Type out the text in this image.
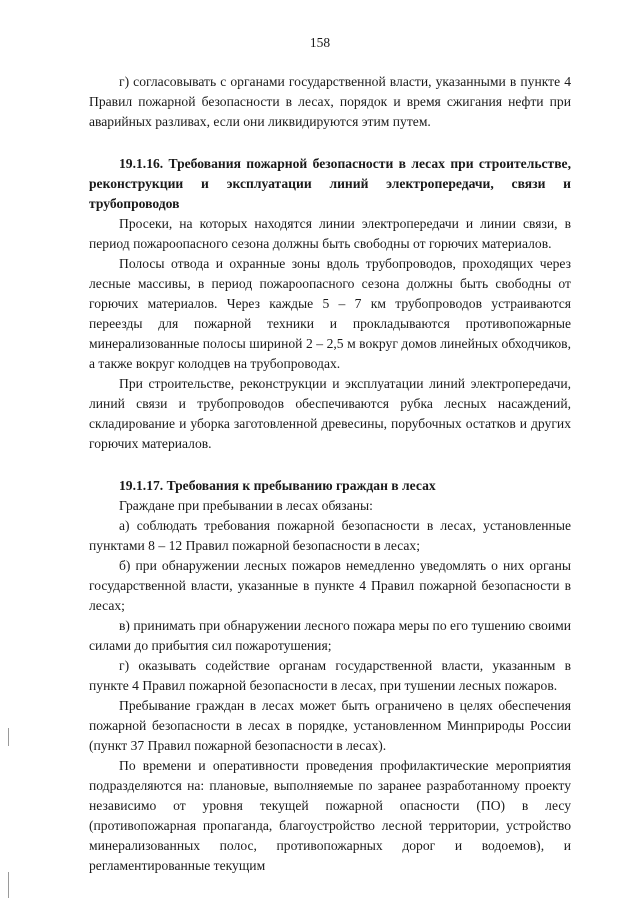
158

г) согласовывать с органами государственной власти, указанными в пункте 4 Правил пожарной безопасности в лесах, порядок и время сжигания нефти при аварийных разливах, если они ликвидируются этим путем.

19.1.16. Требования пожарной безопасности в лесах при строительстве, реконструкции и эксплуатации линий электропередачи, связи и трубопроводов

Просеки, на которых находятся линии электропередачи и линии связи, в период пожароопасного сезона должны быть свободны от горючих материалов.

Полосы отвода и охранные зоны вдоль трубопроводов, проходящих через лесные массивы, в период пожароопасного сезона должны быть свободны от горючих материалов. Через каждые 5 – 7 км трубопроводов устраиваются переезды для пожарной техники и прокладываются противопожарные минерализованные полосы шириной 2 – 2,5 м вокруг домов линейных обходчиков, а также вокруг колодцев на трубопроводах.

При строительстве, реконструкции и эксплуатации линий электропередачи, линий связи и трубопроводов обеспечиваются рубка лесных насаждений, складирование и уборка заготовленной древесины, порубочных остатков и других горючих материалов.

19.1.17. Требования к пребыванию граждан в лесах

Граждане при пребывании в лесах обязаны:

а) соблюдать требования пожарной безопасности в лесах, установленные пунктами 8 – 12 Правил пожарной безопасности в лесах;

б) при обнаружении лесных пожаров немедленно уведомлять о них органы государственной власти, указанные в пункте 4 Правил пожарной безопасности в лесах;

в) принимать при обнаружении лесного пожара меры по его тушению своими силами до прибытия сил пожаротушения;

г) оказывать содействие органам государственной власти, указанным в пункте 4 Правил пожарной безопасности в лесах, при тушении лесных пожаров.

Пребывание граждан в лесах может быть ограничено в целях обеспечения пожарной безопасности в лесах в порядке, установленном Минприроды России (пункт 37 Правил пожарной безопасности в лесах).

По времени и оперативности проведения профилактические мероприятия подразделяются на: плановые, выполняемые по заранее разработанному проекту независимо от уровня текущей пожарной опасности (ПО) в лесу (противопожарная пропаганда, благоустройство лесной территории, устройство минерализованных полос, противопожарных дорог и водоемов), и регламентированные текущим
